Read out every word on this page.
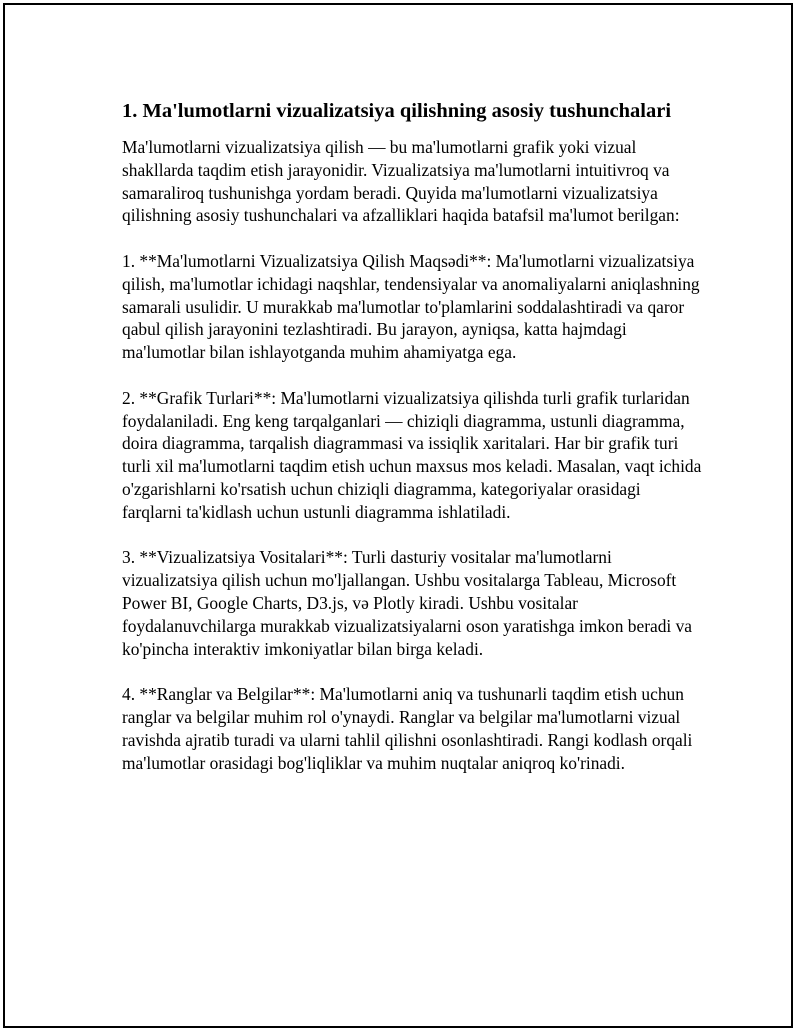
1. Ma'lumotlarni vizualizatsiya qilishning asosiy tushunchalari

Ma'lumotlarni vizualizatsiya qilish — bu ma'lumotlarni grafik yoki vizual shakllarda taqdim etish jarayonidir. Vizualizatsiya ma'lumotlarni intuitivroq va samaraliroq tushunishga yordam beradi. Quyida ma'lumotlarni vizualizatsiya qilishning asosiy tushunchalari va afzalliklari haqida batafsil ma'lumot berilgan:

1. **Ma'lumotlarni Vizualizatsiya Qilish Maqsədi**: Ma'lumotlarni vizualizatsiya qilish, ma'lumotlar ichidagi naqshlar, tendensiyalar va anomaliyalarni aniqlashning samarali usulidir. U murakkab ma'lumotlar to'plamlarini soddalashtiradi va qaror qabul qilish jarayonini tezlashtiradi. Bu jarayon, ayniqsa, katta hajmdagi ma'lumotlar bilan ishlayotganda muhim ahamiyatga ega.

2. **Grafik Turlari**: Ma'lumotlarni vizualizatsiya qilishda turli grafik turlaridan foydalaniladi. Eng keng tarqalganlari — chiziqli diagramma, ustunli diagramma, doira diagramma, tarqalish diagrammasi va issiqlik xaritalari. Har bir grafik turi turli xil ma'lumotlarni taqdim etish uchun maxsus mos keladi. Masalan, vaqt ichida o'zgarishlarni ko'rsatish uchun chiziqli diagramma, kategoriyalar orasidagi farqlarni ta'kidlash uchun ustunli diagramma ishlatiladi.

3. **Vizualizatsiya Vositalari**: Turli dasturiy vositalar ma'lumotlarni vizualizatsiya qilish uchun mo'ljallangan. Ushbu vositalarga Tableau, Microsoft Power BI, Google Charts, D3.js, və Plotly kiradi. Ushbu vositalar foydalanuvchilarga murakkab vizualizatsiyalarni oson yaratishga imkon beradi va ko'pincha interaktiv imkoniyatlar bilan birga keladi.

4. **Ranglar va Belgilar**: Ma'lumotlarni aniq va tushunarli taqdim etish uchun ranglar va belgilar muhim rol o'ynaydi. Ranglar va belgilar ma'lumotlarni vizual ravishda ajratib turadi va ularni tahlil qilishni osonlashtiradi. Rangi kodlash orqali ma'lumotlar orasidagi bog'liqliklar va muhim nuqtalar aniqroq ko'rinadi.
